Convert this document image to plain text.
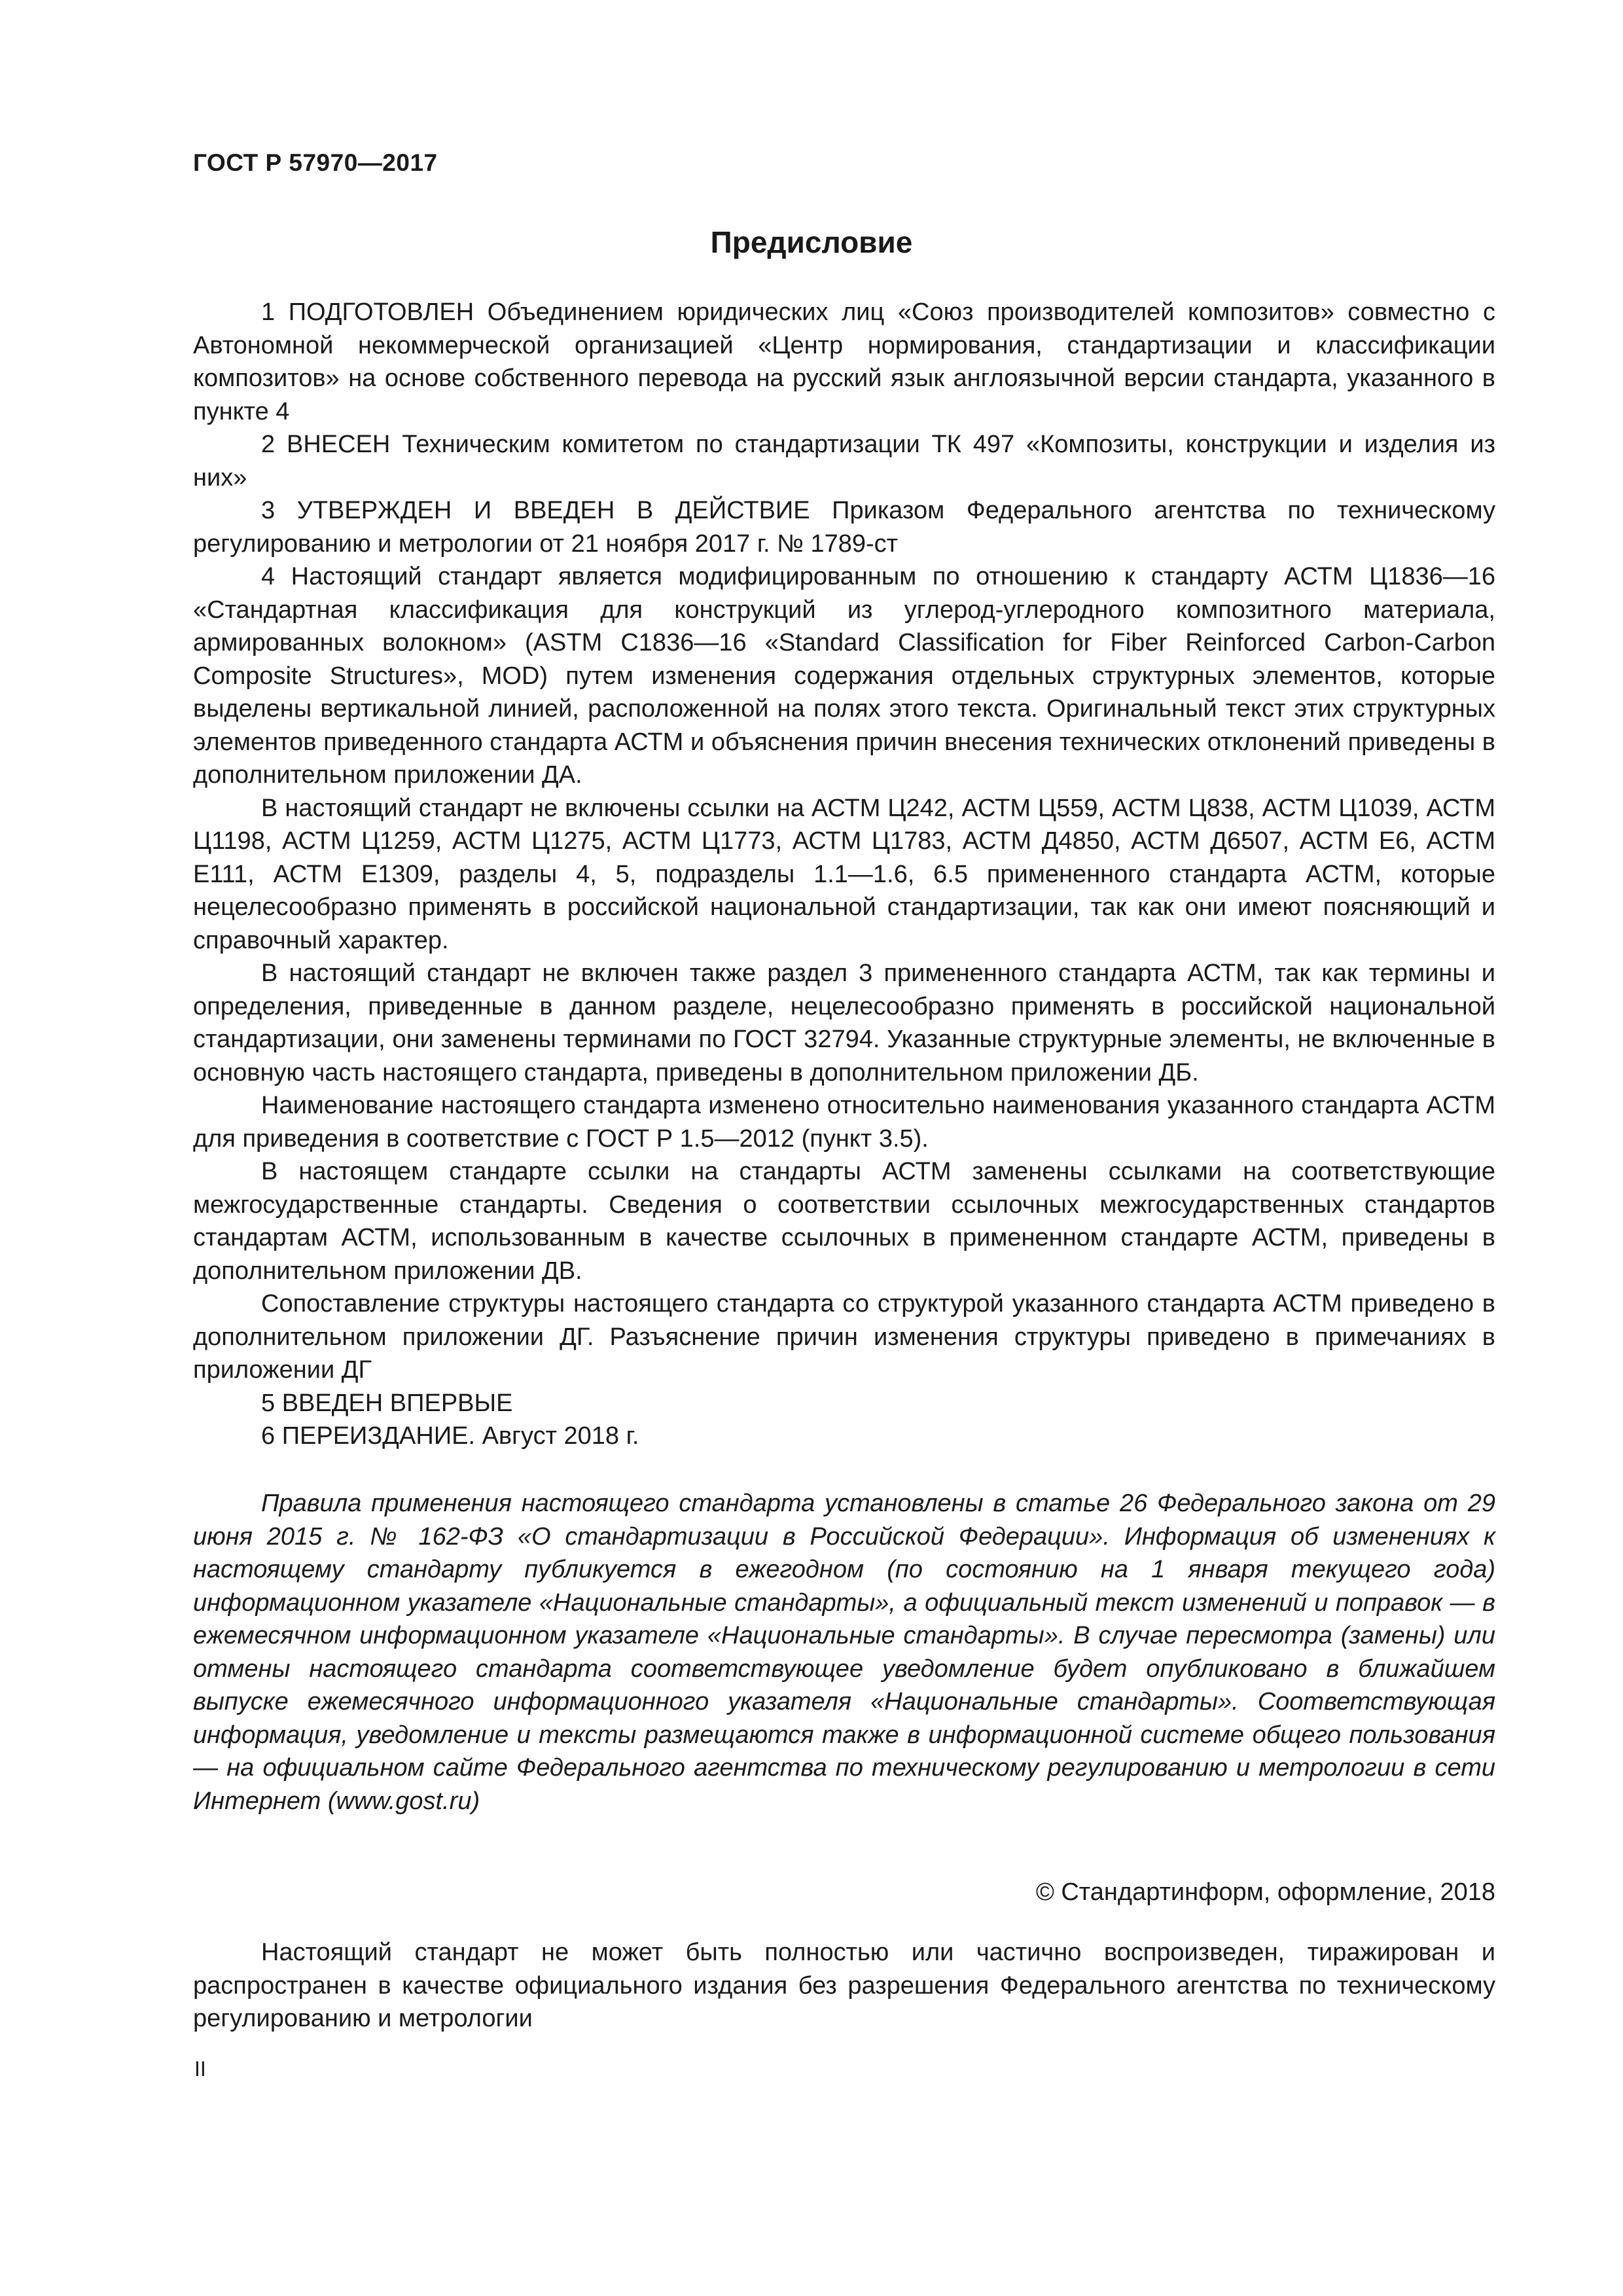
ГОСТ Р 57970—2017
Предисловие

1 ПОДГОТОВЛЕН Объединением юридических лиц «Союз производителей композитов» совместно с Автономной некоммерческой организацией «Центр нормирования, стандартизации и классификации композитов» на основе собственного перевода на русский язык англоязычной версии стандарта, указанного в пункте 4

2 ВНЕСЕН Техническим комитетом по стандартизации ТК 497 «Композиты, конструкции и изделия из них»

3 УТВЕРЖДЕН И ВВЕДЕН В ДЕЙСТВИЕ Приказом Федерального агентства по техническому регулированию и метрологии от 21 ноября 2017 г. № 1789-ст

4 Настоящий стандарт является модифицированным по отношению к стандарту АСТМ Ц1836—16 «Стандартная классификация для конструкций из углерод-углеродного композитного материала, армированных волокном» (ASTM C1836—16 «Standard Classification for Fiber Reinforced Carbon-Carbon Composite Structures», MOD) путем изменения содержания отдельных структурных элементов, которые выделены вертикальной линией, расположенной на полях этого текста. Оригинальный текст этих структурных элементов приведенного стандарта АСТМ и объяснения причин внесения технических отклонений приведены в дополнительном приложении ДА.

В настоящий стандарт не включены ссылки на АСТМ Ц242, АСТМ Ц559, АСТМ Ц838, АСТМ Ц1039, АСТМ Ц1198, АСТМ Ц1259, АСТМ Ц1275, АСТМ Ц1773, АСТМ Ц1783, АСТМ Д4850, АСТМ Д6507, АСТМ Е6, АСТМ Е111, АСТМ Е1309, разделы 4, 5, подразделы 1.1—1.6, 6.5 примененного стандарта АСТМ, которые нецелесообразно применять в российской национальной стандартизации, так как они имеют поясняющий и справочный характер.

В настоящий стандарт не включен также раздел 3 примененного стандарта АСТМ, так как термины и определения, приведенные в данном разделе, нецелесообразно применять в российской национальной стандартизации, они заменены терминами по ГОСТ 32794. Указанные структурные элементы, не включенные в основную часть настоящего стандарта, приведены в дополнительном приложении ДБ.

Наименование настоящего стандарта изменено относительно наименования указанного стандарта АСТМ для приведения в соответствие с ГОСТ Р 1.5—2012 (пункт 3.5).

В настоящем стандарте ссылки на стандарты АСТМ заменены ссылками на соответствующие межгосударственные стандарты. Сведения о соответствии ссылочных межгосударственных стандартов стандартам АСТМ, использованным в качестве ссылочных в примененном стандарте АСТМ, приведены в дополнительном приложении ДВ.

Сопоставление структуры настоящего стандарта со структурой указанного стандарта АСТМ приведено в дополнительном приложении ДГ. Разъяснение причин изменения структуры приведено в примечаниях в приложении ДГ

5 ВВЕДЕН ВПЕРВЫЕ

6 ПЕРЕИЗДАНИЕ. Август 2018 г.

Правила применения настоящего стандарта установлены в статье 26 Федерального закона от 29 июня 2015 г. № 162-ФЗ «О стандартизации в Российской Федерации». Информация об изменениях к настоящему стандарту публикуется в ежегодном (по состоянию на 1 января текущего года) информационном указателе «Национальные стандарты», а официальный текст изменений и поправок — в ежемесячном информационном указателе «Национальные стандарты». В случае пересмотра (замены) или отмены настоящего стандарта соответствующее уведомление будет опубликовано в ближайшем выпуске ежемесячного информационного указателя «Национальные стандарты». Соответствующая информация, уведомление и тексты размещаются также в информационной системе общего пользования — на официальном сайте Федерального агентства по техническому регулированию и метрологии в сети Интернет (www.gost.ru)

© Стандартинформ, оформление, 2018

Настоящий стандарт не может быть полностью или частично воспроизведен, тиражирован и распространен в качестве официального издания без разрешения Федерального агентства по техническому регулированию и метрологии

II
